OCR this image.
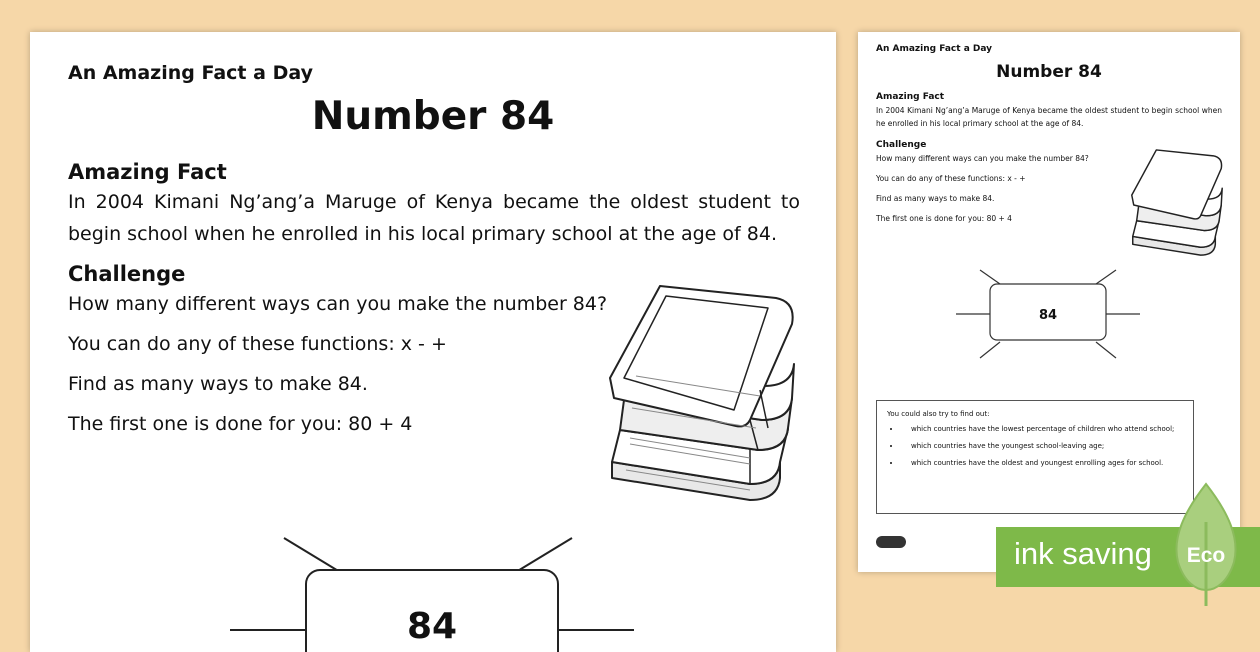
An Amazing Fact a Day
Number 84
Amazing Fact
In 2004 Kimani Ng’ang’a Maruge of Kenya became the oldest student to begin school when he enrolled in his local primary school at the age of 84.
Challenge
How many different ways can you make the number 84?
You can do any of these functions: x - +
Find as many ways to make 84.
The first one is done for you: 80 + 4
84
An Amazing Fact a Day
Number 84
Amazing Fact
In 2004 Kimani Ng’ang’a Maruge of Kenya became the oldest student to begin school when he enrolled in his local primary school at the age of 84.
Challenge
How many different ways can you make the number 84?
You can do any of these functions: x - +
Find as many ways to make 84.
The first one is done for you: 80 + 4
84
You could also try to find out:
• which countries have the lowest percentage of children who attend school;
• which countries have the youngest school-leaving age;
• which countries have the oldest and youngest enrolling ages for school.
ink saving Eco
